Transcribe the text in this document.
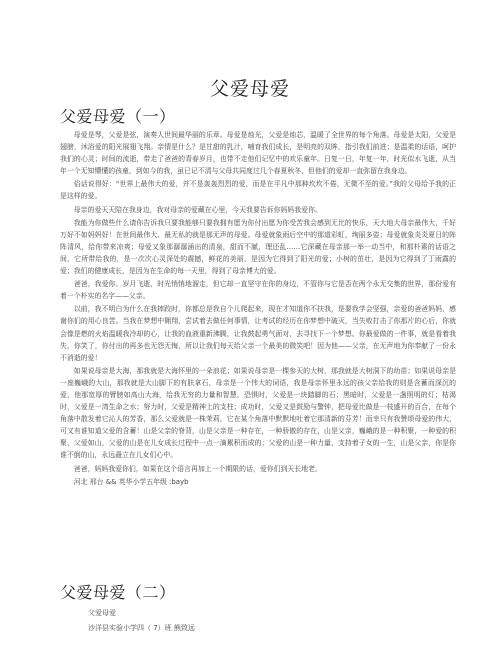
父爱母爱
父爱母爱（一）

母爱是琴，父爱是弦，演奏人世间最华丽的乐章。母爱是烛光，父爱是烛芯，温暖了全世界的每个角落。母爱是太阳，父爱是翅膀，沐浴爱的阳光展翅飞翔。亲情是什么？是甘甜的乳汁，哺育我们成长，是明亮的双眸，指引我们前进；是温柔的话语，呵护我们的心灵；时间的流逝，带走了爸爸的青春岁月，也带不走他们记忆中的欢乐童年。日复一日，年复一年，时光似水飞逝，从当年一个无知懵懂的孩童，到如今的我，虽已记不清与父母共同度过几个春夏秋冬，但他们的爱却一直弥留在我身边。

俗话说得好：“世界上最伟大的爱，并不是轰轰烈烈的爱，而是在平凡中那种坎坎不倦，无微不至的爱。”我的父母给予我的正是这样的爱。

母亲的爱天天陪在我身边，我对母亲的爱藏在心里，今天我要告诉你妈妈我爱你。

我能为你做些什么请你告诉我只要我能够只要我拥有愿为你付出愿为你受苦我会感到无比的快乐，天大地大母亲最伟大，千好万好不如妈妈好！在世间最伟大、最无私的就是那无声的母爱。母爱就象雨后空中的那道彩虹，绚丽多姿；母爱就象炎炎夏日的阵阵清风，给你带来凉爽；母爱又象那潺潺涌出的清泉，甜而不腻，理还乱……它深藏在母亲那一举一动当中，和那朴素的话语之间，它所带给我的，是一次次心灵深处的震撼，鲜花的美丽，是因为它得到了阳光的爱；小树的茁壮，是因为它得到了丁雨露的爱；我们的健康成长，是因为在生命的每一天里，得到了母亲博大的爱。

爸爸，我爱你。岁月飞逝，时光悄悄地溜走，但它却一直坚守在你的身边，不管你与它是否在两个永无交集的世界，那份爱有着一个朴实的名字——父亲。

以前，我不明白为什么在我摔跤时，你都总是我自个儿爬起来，现在才知道你不扶我，是要我学会坚强，亲爱的爸爸妈妈，感谢你们的用心良苦。当我在梦想中翱翔，尝试着去做任何事情，让考试的经历在你梦想中破灭，当失败打击了你那片的心后，你就会像是燃的火焰温暖我冷却的心，让我的血液重新沸腾，让我鼓起勇气面对，去寻找下一个梦想。你最爱做的一件事，就是看着我失，你笑了，你付出的再多也无怨无悔，所以让我们每天给父亲一个最美的微笑吧！因为他——父亲，在无声地为你奉献了一份永不消逝的爱！

如果说母亲是大海，那我就是大海怀里的一朵浪花；如果说母亲是一棵参天的大树，那我就是大树洞下的幼苗；如果说母亲是一座巍峨的大山，那我就是大山脚下的有肤拿石，母亲是一个伟大的词语，我是母亲怀里永远的孩父亲给我的则是含蓄而深沉的爱，他那宽厚的臂膀如高山大海，给我无穷的力量和智慧，恐惧时，父爱是一块踏脚的石；黑暗时，父爱是一盏照明的灯；枯渴时，父爱是一湾生命之水；努力时，父爱是精神上的支柱；成功时，父爱又是鼓励与警钟，把母爱比做是一枝盛开的百合，在每个角落中散发着它沁人的芳香，那么父爱就是一株茉莉，它在某个角落中默默地吐着它那清新的芬芳！而幸只有我赞颂母爱的伟大，可又有谁知道父爱的含蓄！山是父亲的脊背，山是父亲是一种存在，一种骄傲的存在，山是父亲，巍峨的是一种积聚，一种爱的积聚，父爱如山，父爱的山是在儿女成长过程中一点一滴累积而成的；父爱的山是一种力量，支持着子女的一生，山是父亲，你是你谁不倒的山，永远矗立在儿女们心中。

爸爸，妈妈我爱你们，如果在这个语言再加上一个期限的话，爱你们到天长地老。

河北 邢台 && 英华小学五年级 :bayb

父爱母爱（二）

父爱母爱

沙洋县实验小学四（ 7）班 熊致远
